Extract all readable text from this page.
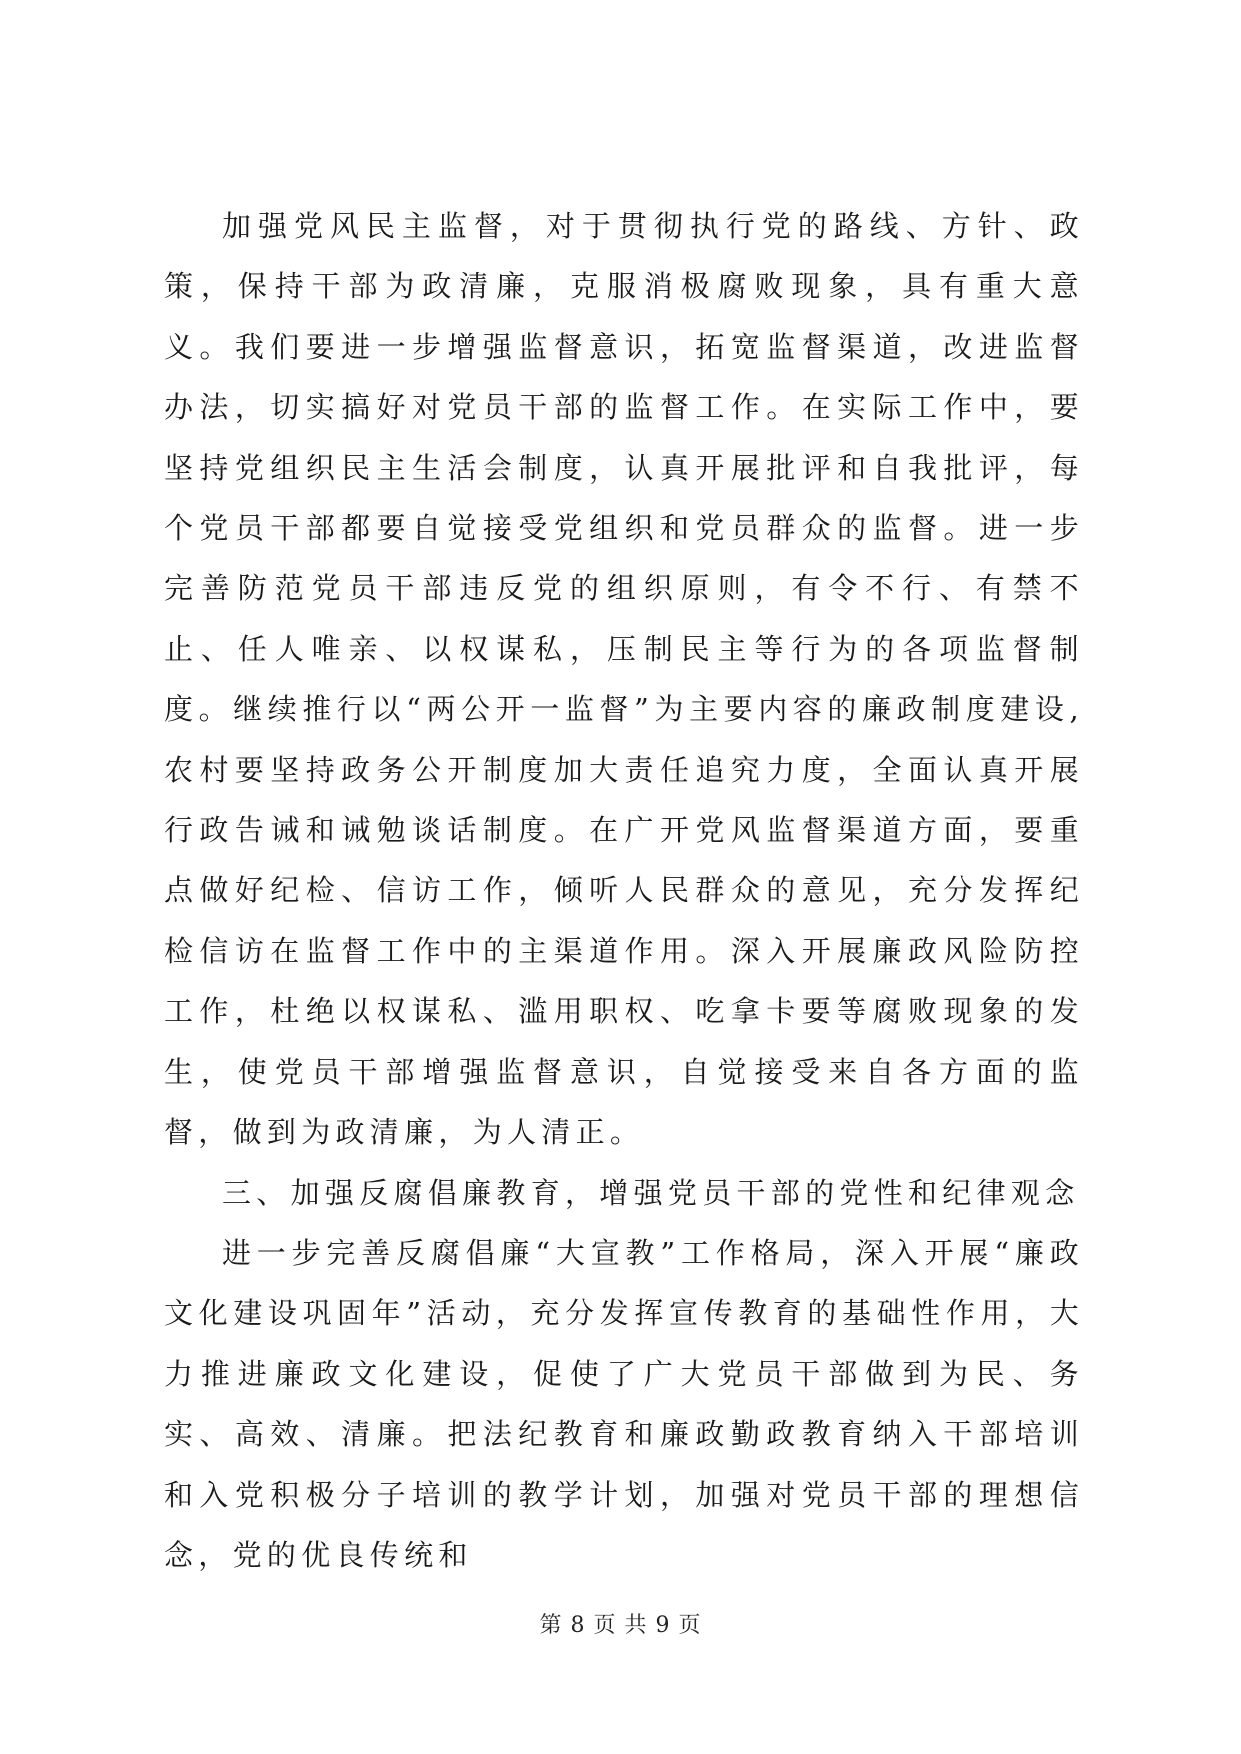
加强党风民主监督，对于贯彻执行党的路线、方针、政策，保持干部为政清廉，克服消极腐败现象，具有重大意义。我们要进一步增强监督意识，拓宽监督渠道，改进监督办法，切实搞好对党员干部的监督工作。在实际工作中，要坚持党组织民主生活会制度，认真开展批评和自我批评，每个党员干部都要自觉接受党组织和党员群众的监督。进一步完善防范党员干部违反党的组织原则，有令不行、有禁不止、任人唯亲、以权谋私，压制民主等行为的各项监督制度。继续推行以“两公开一监督”为主要内容的廉政制度建设,农村要坚持政务公开制度加大责任追究力度，全面认真开展行政告诫和诫勉谈话制度。在广开党风监督渠道方面，要重点做好纪检、信访工作，倾听人民群众的意见，充分发挥纪检信访在监督工作中的主渠道作用。深入开展廉政风险防控工作，杜绝以权谋私、滥用职权、吃拿卡要等腐败现象的发生，使党员干部增强监督意识，自觉接受来自各方面的监督，做到为政清廉，为人清正。

三、加强反腐倡廉教育，增强党员干部的党性和纪律观念

进一步完善反腐倡廉“大宣教”工作格局，深入开展“廉政文化建设巩固年”活动，充分发挥宣传教育的基础性作用，大力推进廉政文化建设，促使了广大党员干部做到为民、务实、高效、清廉。把法纪教育和廉政勤政教育纳入干部培训和入党积极分子培训的教学计划，加强对党员干部的理想信念，党的优良传统和

第 8 页 共 9 页
